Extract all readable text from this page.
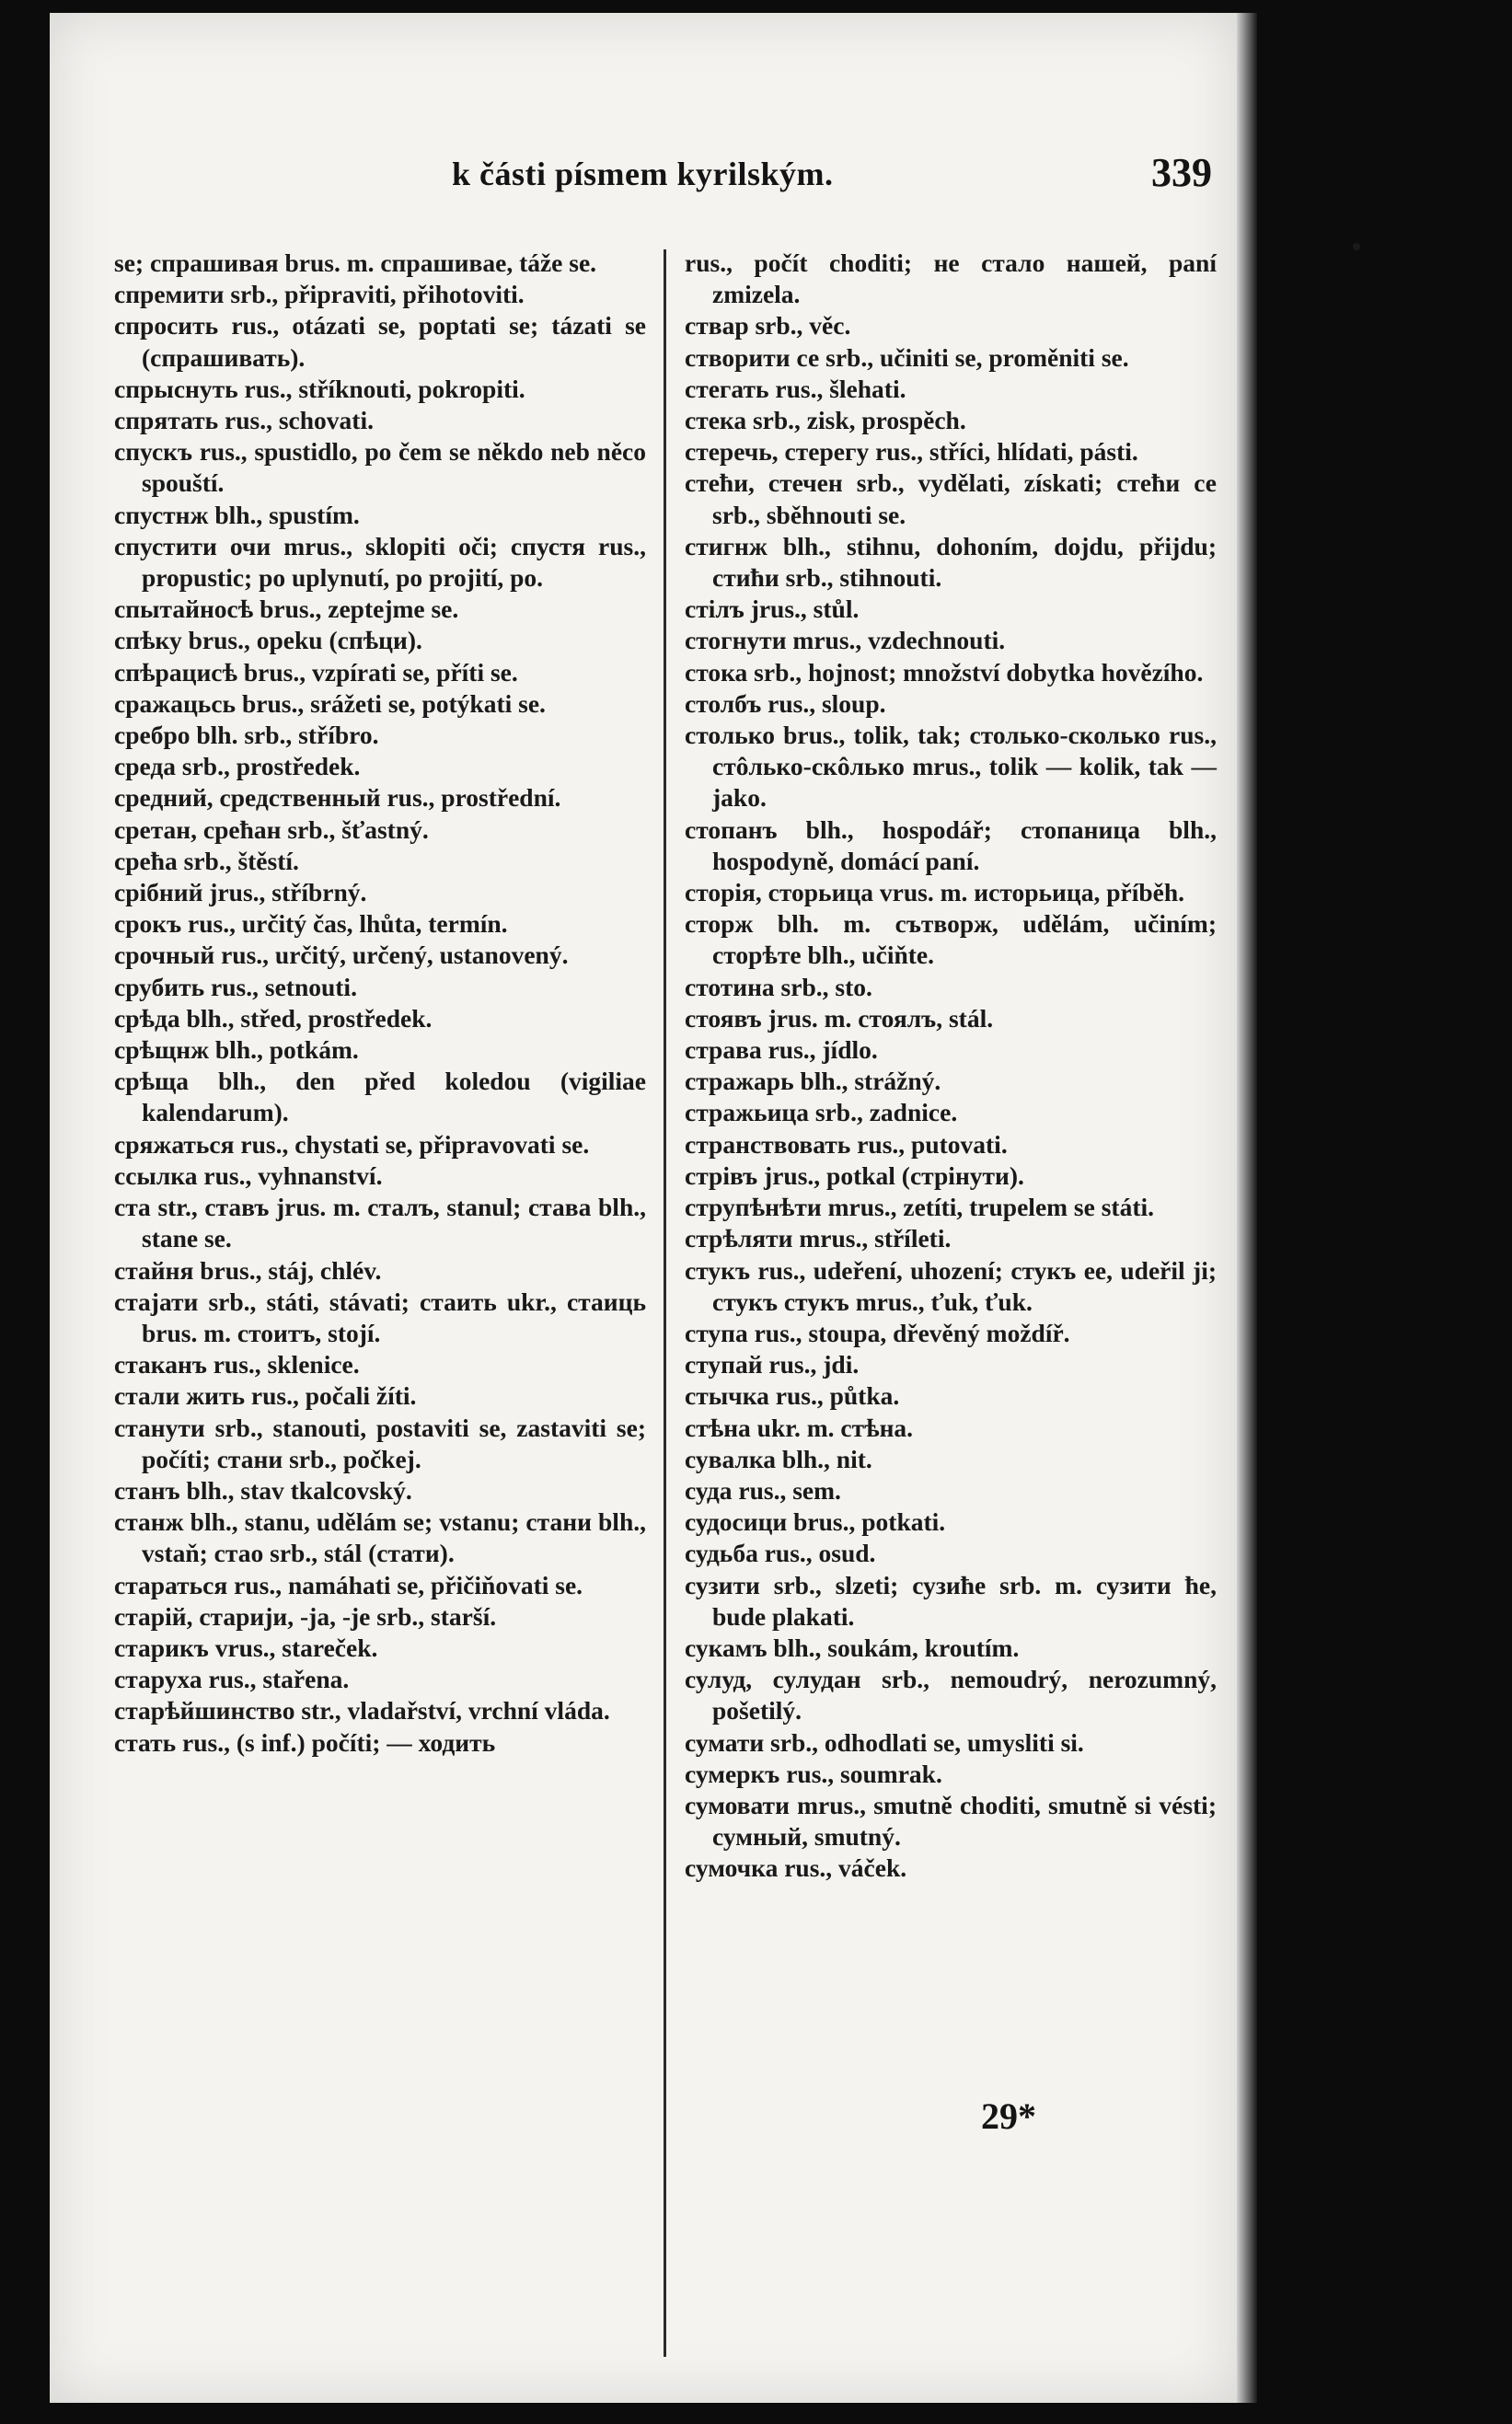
k části písmem kyrilským.	339
se; спрашивая brus. m. спрашивае, táže se.
спремити srb., připraviti, přihotoviti.
спросить rus., otázati se, poptati se; tázati se (спрашивать).
спрыснуть rus., stříknouti, pokropiti.
спрятать rus., schovati.
спускъ rus., spustidlo, po čem se někdo neb něco spouští.
спустнж blh., spustím.
спустити очи mrus., sklopiti oči; спустя rus., propustic; po uplynutí, po projití, po.
спытайносѣ brus., zeptejme se.
спѣку brus., opeku (спѣци).
спѣрацисѣ brus., vzpírati se, příti se.
сражацьсь brus., srážeti se, potýkati se.
сребро blh. srb., stříbro.
среда srb., prostředek.
средний, средственный rus., prostřední.
сретан, срећан srb., šťastný.
срећа srb., štěstí.
срібний jrus., stříbrný.
срокъ rus., určitý čas, lhůta, termín.
срочный rus., určitý, určený, ustanovený.
срубить rus., setnouti.
срѣда blh., střed, prostředek.
срѣщнж blh., potkám.
срѣща blh., den před koledou (vigiliae kalendarum).
сряжаться rus., chystati se, připravovati se.
ссылка rus., vyhnanství.
ста str., ставъ jrus. m. сталъ, stanul; става blh., stane se.
стайня brus., stáj, chlév.
стајати srb., státi, stávati; стаить ukr., стаиць brus. m. стоитъ, stojí.
стаканъ rus., sklenice.
стали жить rus., počali žíti.
станути srb., stanouti, postaviti se, zastaviti se; počíti; стани srb., počkej.
станъ blh., stav tkalcovský.
станж blh., stanu, udělám se; vstanu; стани blh., vstaň; стао srb., stál (стати).
стараться rus., namáhati se, přičiňovati se.
старій, стариjи, -ja, -je srb., starší.
старикъ vrus., stareček.
старуха rus., stařena.
старѣйшинство str., vladařství, vrchní vláda.
стать rus., (s inf.) počíti; — ходить
rus., počít choditi; не стало нашей, paní zmizela.
ствар srb., věc.
створити се srb., učiniti se, proměniti se.
стегать rus., šlehati.
стека srb., zisk, prospěch.
стеречь, стерегу rus., stříci, hlídati, pásti.
стећи, стечен srb., vydělati, získati; стећи се srb., sběhnouti se.
стигнж blh., stihnu, dohoním, dojdu, přijdu; стићи srb., stihnouti.
стілъ jrus., stůl.
стогнути mrus., vzdechnouti.
стока srb., hojnost; množství dobytka hovězího.
столбъ rus., sloup.
столько brus., tolik, tak; столько-сколько rus., стôлько-скôлько mrus., tolik — kolik, tak — jako.
стопанъ blh., hospodář; стопаница blh., hospodyně, domácí paní.
сторія, сторьица vrus. m. исторьица, příběh.
сторж blh. m. сътворж, udělám, učiním; сторѣте blh., učiňte.
стотина srb., sto.
стоявъ jrus. m. стоялъ, stál.
страва rus., jídlo.
стражарь blh., strážný.
стражьица srb., zadnice.
странствовать rus., putovati.
стрівъ jrus., potkal (стрінути).
струпѣнѣти mrus., zetíti, trupelem se státi.
стрѣляти mrus., stříleti.
стукъ rus., udeření, uhození; стукъ ее, udeřil ji; стукъ стукъ mrus., ťuk, ťuk.
ступа rus., stoupa, dřevěný moždíř.
ступай rus., jdi.
стычка rus., půtka.
стѣна ukr. m. стѣна.
сувалка blh., nit.
суда rus., sem.
судосици brus., potkati.
судьба rus., osud.
сузити srb., slzeti; сузиће srb. m. сузити ће, bude plakati.
сукамъ blh., soukám, kroutím.
сулуд, сулудан srb., nemoudrý, nerozumný, pošetilý.
сумати srb., odhodlati se, umysliti si.
сумеркъ rus., soumrak.
сумовати mrus., smutně choditi, smutně si vésti; сумный, smutný.
сумочка rus., váček.
29*
